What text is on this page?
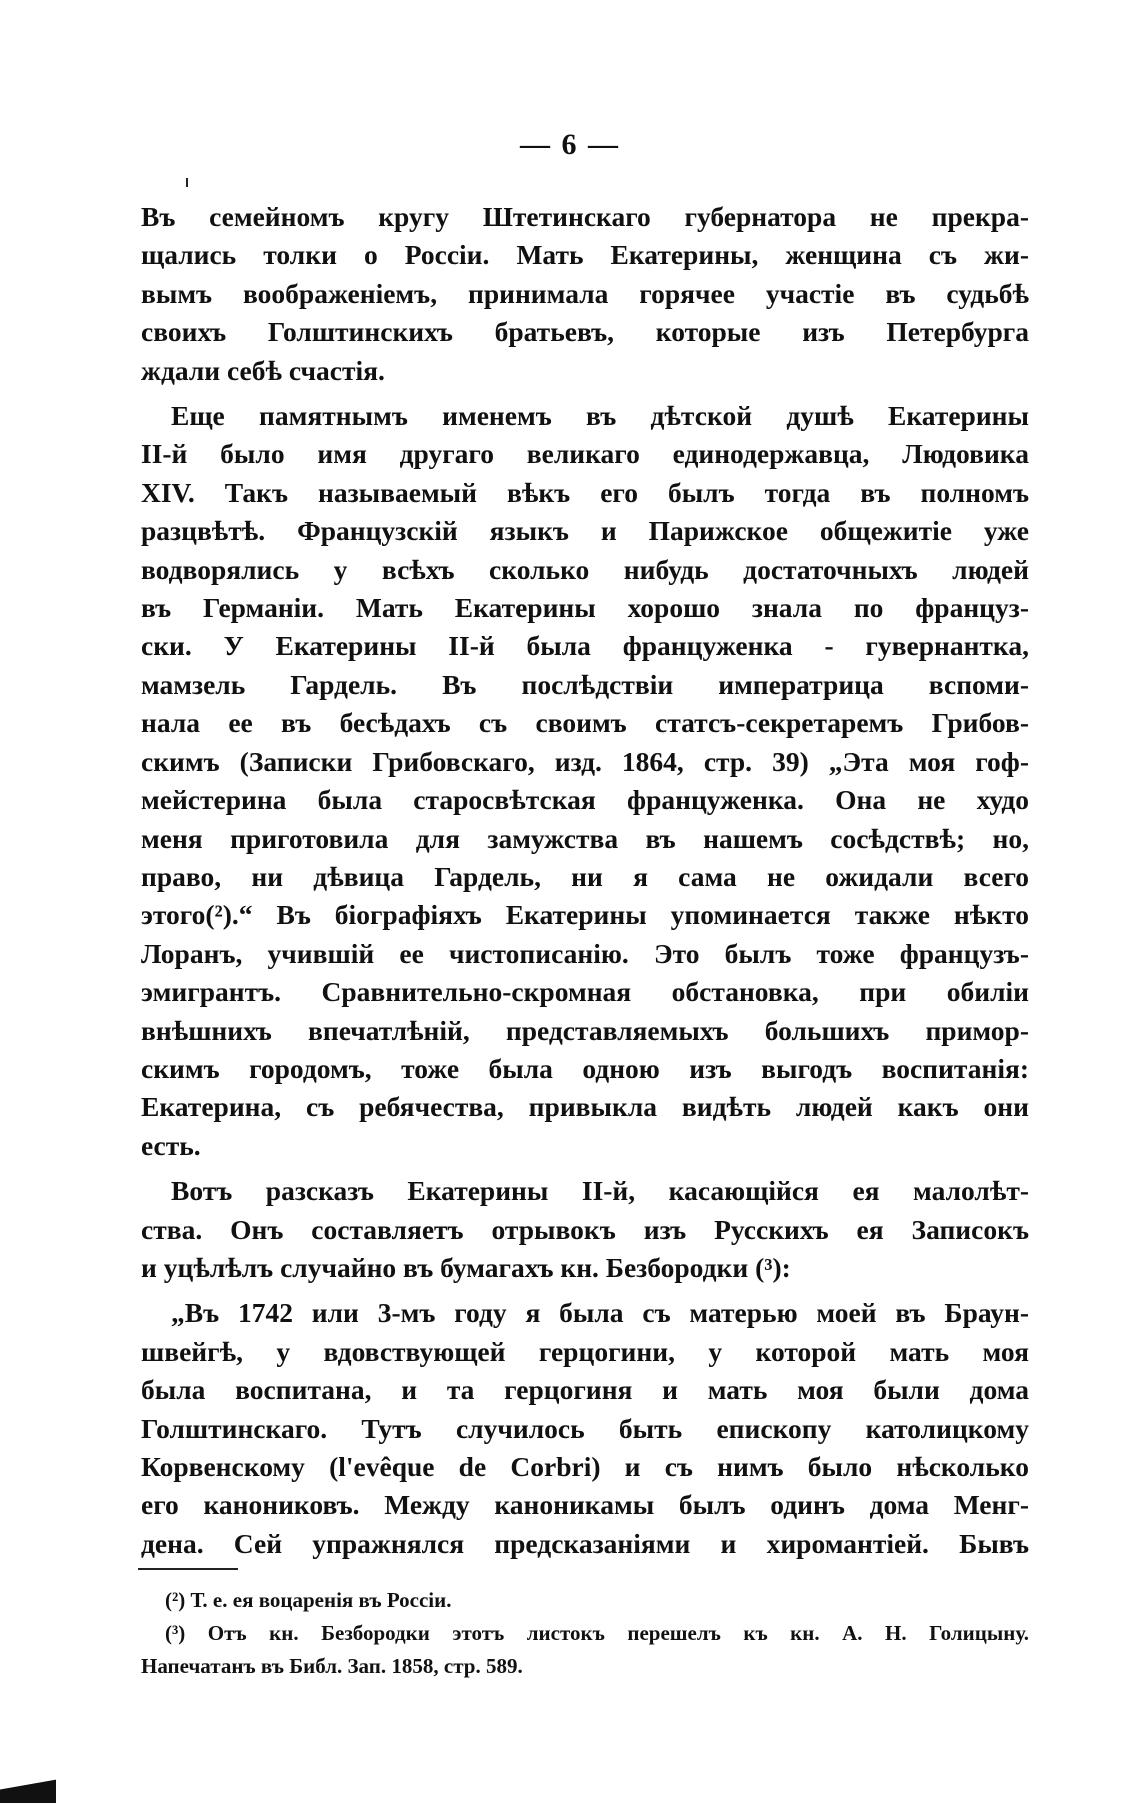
— 6 —

Въ семейномъ кругу Штетинскаго губернатора не прекра-
щались толки о Россіи. Мать Екатерины, женщина съ жи-
вымъ воображеніемъ, принимала горячее участіе въ судьбѣ
своихъ Голштинскихъ братьевъ, которые изъ Петербурга
ждали себѣ счастія.

Еще памятнымъ именемъ въ дѣтской душѣ Екатерины
II-й было имя другаго великаго единодержавца, Людовика
XIV. Такъ называемый вѣкъ его былъ тогда въ полномъ
разцвѣтѣ. Французскій языкъ и Парижское общежитіе уже
водворялись у всѣхъ сколько нибудь достаточныхъ людей
въ Германіи. Мать Екатерины хорошо знала по француз-
ски. У Екатерины II-й была француженка - гувернантка,
мамзель Гардель. Въ послѣдствіи императрица вспоми-
нала ее въ бесѣдахъ съ своимъ статсъ-секретаремъ Грибов-
скимъ (Записки Грибовскаго, изд. 1864, стр. 39) „Эта моя гоф-
мейстерина была старосвѣтская француженка. Она не худо
меня приготовила для замужства въ нашемъ сосѣдствѣ; но,
право, ни дѣвица Гардель, ни я сама не ожидали всего
этого(²).“ Въ біографіяхъ Екатерины упоминается также нѣкто
Лоранъ, учившій ее чистописанію. Это былъ тоже французъ-
эмигрантъ. Сравнительно-скромная обстановка, при обиліи
внѣшнихъ впечатлѣній, представляемыхъ большихъ примор-
скимъ городомъ, тоже была одною изъ выгодъ воспитанія:
Екатерина, съ ребячества, привыкла видѣть людей какъ они
есть.

Вотъ разсказъ Екатерины II-й, касающійся ея малолѣт-
ства. Онъ составляетъ отрывокъ изъ Русскихъ ея Записокъ
и уцѣлѣлъ случайно въ бумагахъ кн. Безбородки (³):

„Въ 1742 или 3-мъ году я была съ матерью моей въ Браун-
швейгѣ, у вдовствующей герцогини, у которой мать моя
была воспитана, и та герцогиня и мать моя были дома
Голштинскаго. Тутъ случилось быть епископу католицкому
Корвенскому (l'evêque de Corbri) и съ нимъ было нѣсколько
его канониковъ. Между каноникамы былъ одинъ дома Менг-
дена. Сей упражнялся предсказаніями и хиромантіей. Бывъ

(²) Т. е. ея воцаренія въ Россіи.
(³) Отъ кн. Безбородки этотъ листокъ перешелъ къ кн. А. Н. Голицыну.
Напечатанъ въ Библ. Зап. 1858, стр. 589.
